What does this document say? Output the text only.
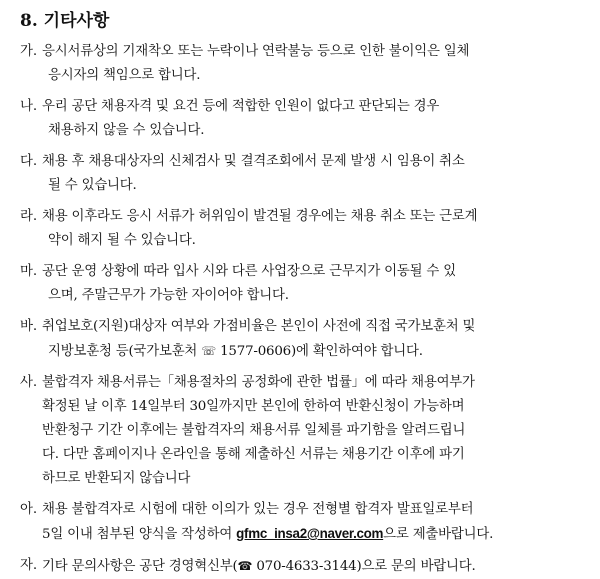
8. 기타사항
가. 응시서류상의 기재착오 또는 누락이나 연락불능 등으로 인한 불이익은 일체
응시자의 책임으로 합니다.
나. 우리 공단 채용자격 및 요건 등에 적합한 인원이 없다고 판단되는 경우
채용하지 않을 수 있습니다.
다. 채용 후 채용대상자의 신체검사 및 결격조회에서 문제 발생 시 임용이 취소
될 수 있습니다.
라. 채용 이후라도 응시 서류가 허위임이 발견될 경우에는 채용 취소 또는 근로계
약이 해지 될 수 있습니다.
마. 공단 운영 상황에 따라 입사 시와 다른 사업장으로 근무지가 이동될 수 있
으며, 주말근무가 가능한 자이어야 합니다.
바. 취업보호(지원)대상자 여부와 가점비율은 본인이 사전에 직접 국가보훈처 및
지방보훈청 등(국가보훈처 ☏ 1577-0606)에 확인하여야 합니다.
사. 불합격자 채용서류는「채용절차의 공정화에 관한 법률」에 따라 채용여부가
확정된 날 이후 14일부터 30일까지만 본인에 한하여 반환신청이 가능하며
반환청구 기간 이후에는 불합격자의 채용서류 일체를 파기함을 알려드립니
다. 다만 홈페이지나 온라인을 통해 제출하신 서류는 채용기간 이후에 파기
하므로 반환되지 않습니다
아. 채용 불합격자로 시험에 대한 이의가 있는 경우 전형별 합격자 발표일로부터
5일 이내 첨부된 양식을 작성하여 gfmc_insa2@naver.com으로 제출바랍니다.
자. 기타 문의사항은 공단 경영혁신부(☎ 070-4633-3144)으로 문의 바랍니다.
